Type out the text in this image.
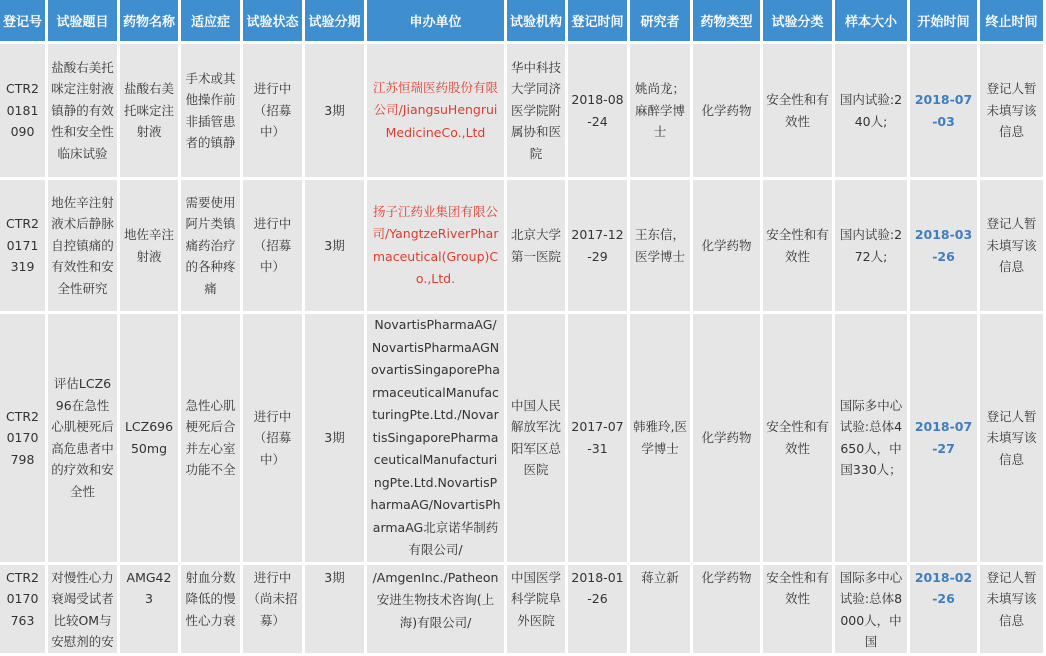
登记号	试验题目	药物名称	适应症	试验状态	试验分期	申办单位	试验机构	登记时间	研究者	药物类型	试验分类	样本大小	开始时间	终止时间
CTR20181090	盐酸右美托咪定注射液镇静的有效性和安全性临床试验	盐酸右美托咪定注射液	手术或其他操作前非插管患者的镇静	进行中（招募中）	3期	江苏恒瑞医药股份有限公司/JiangsuHengruiMedicineCo.,Ltd	华中科技大学同济医学院附属协和医院	2018-08-24	姚尚龙；麻醉学博士	化学药物	安全性和有效性	国内试验:240人;	2018-07-03	登记人暂未填写该信息
CTR20171319	地佐辛注射液术后静脉自控镇痛的有效性和安全性研究	地佐辛注射液	需要使用阿片类镇痛药治疗的各种疼痛	进行中（招募中）	3期	扬子江药业集团有限公司/YangtzeRiverPharmaceutical(Group)Co.,Ltd.	北京大学第一医院	2017-12-29	王东信，医学博士	化学药物	安全性和有效性	国内试验:272人;	2018-03-26	登记人暂未填写该信息
CTR20170798	评估LCZ696在急性心肌梗死后高危患者中的疗效和安全性	LCZ696 50mg	急性心肌梗死后合并左心室功能不全	进行中（招募中）	3期	NovartisPharmaAG/NovartisPharmaAGNovartisSingaporePharmaceuticalManufacturingPte.Ltd./NovartisSingaporePharmaceuticalManufacturingPte.Ltd.NovartisPharmaAG/NovartisPharmaAG北京诺华制药有限公司/	中国人民解放军沈阳军区总医院	2017-07-31	韩雅玲,医学博士	化学药物	安全性和有效性	国际多中心试验:总体4650人，中国330人；	2018-07-27	登记人暂未填写该信息
CTR20170763	对慢性心力衰竭受试者比较OM与安慰剂的安	AMG423	射血分数降低的慢性心力衰	进行中（尚未招募）	3期	/AmgenInc./Patheon安进生物技术咨询(上海)有限公司/	中国医学科学院阜外医院	2018-01-26	蒋立新	化学药物	安全性和有效性	国际多中心试验:总体8000人，中国	2018-02-26	登记人暂未填写该信息
